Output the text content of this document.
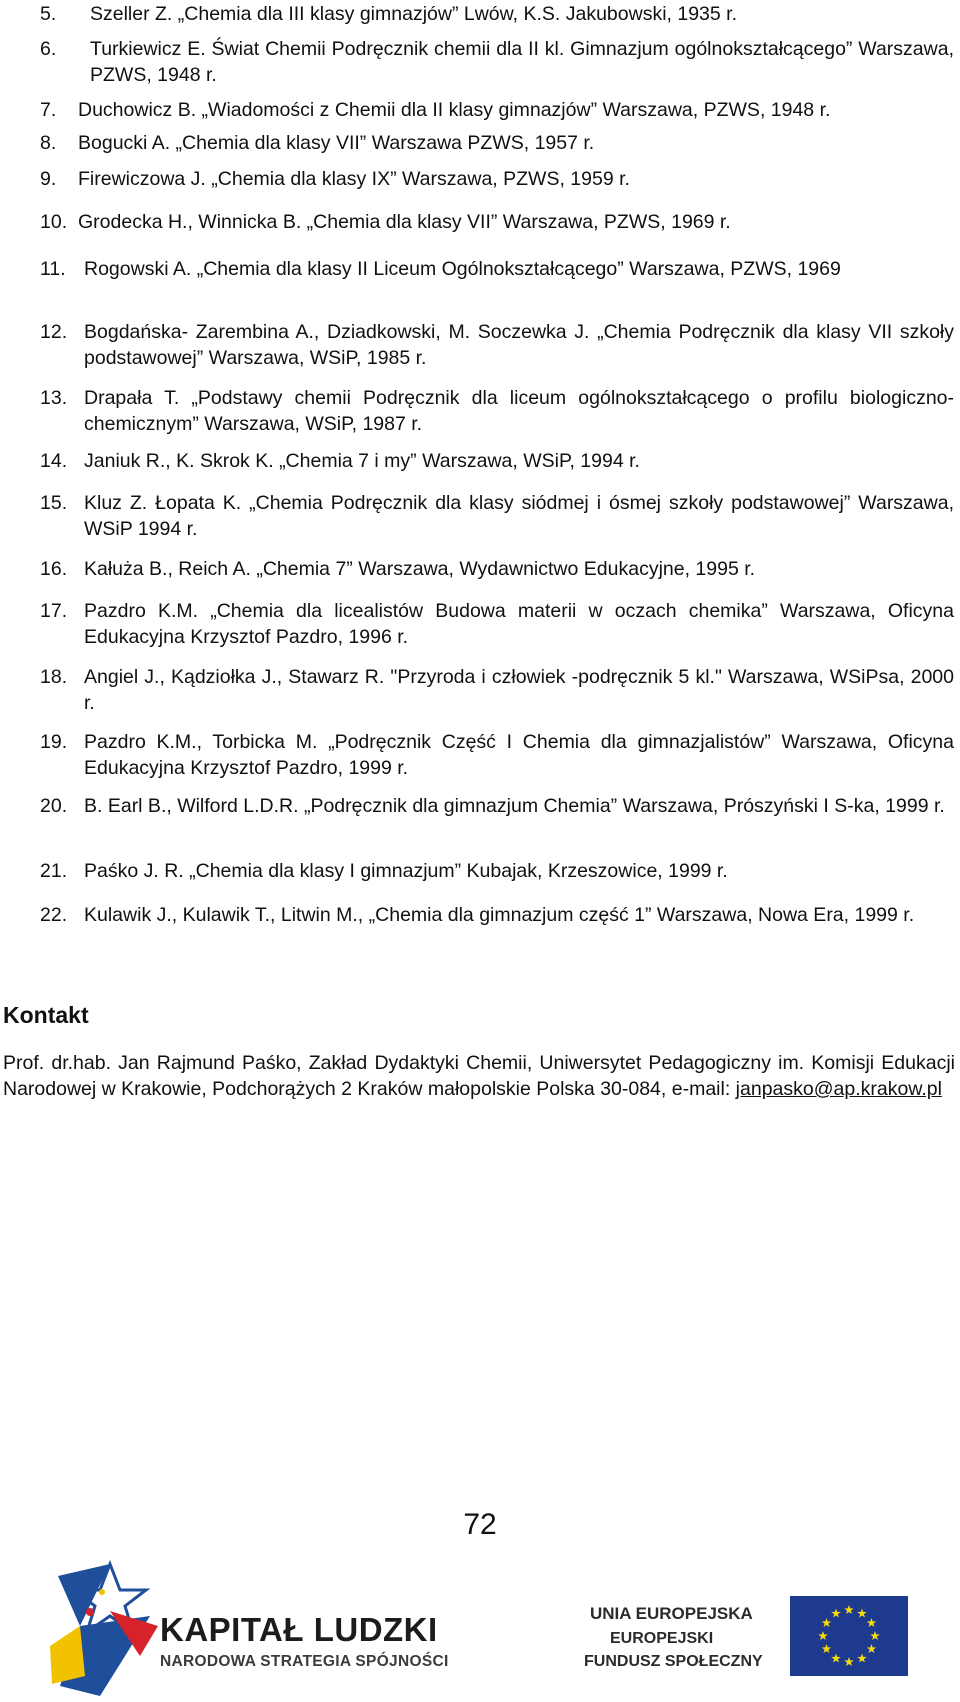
5. Szeller Z. „Chemia dla III klasy gimnazjów” Lwów, K.S. Jakubowski, 1935 r.
6. Turkiewicz E. Świat Chemii Podręcznik chemii dla II kl. Gimnazjum ogólnokształcącego” Warszawa, PZWS, 1948 r.
7. Duchowicz B. „Wiadomości z Chemii dla II klasy gimnazjów” Warszawa, PZWS, 1948 r.
8. Bogucki A. „Chemia dla klasy VII” Warszawa PZWS, 1957 r.
9. Firewiczowa J. „Chemia dla klasy IX” Warszawa, PZWS, 1959 r.
10. Grodecka H., Winnicka B. „Chemia dla klasy VII” Warszawa, PZWS, 1969 r.
11. Rogowski A. „Chemia dla klasy II Liceum Ogólnokształcącego” Warszawa, PZWS, 1969
12. Bogdańska- Zarembina A., Dziadkowski, M. Soczewka J. „Chemia Podręcznik dla klasy VII szkoły podstawowej” Warszawa, WSiP, 1985 r.
13. Drapała T. „Podstawy chemii Podręcznik dla liceum ogólnokształcącego o profilu biologiczno-chemicznym” Warszawa, WSiP, 1987 r.
14. Janiuk R., K. Skrok K. „Chemia 7 i my” Warszawa, WSiP, 1994 r.
15. Kluz Z. Łopata K. „Chemia Podręcznik dla klasy siódmej i ósmej szkoły podstawowej” Warszawa, WSiP 1994 r.
16. Kałuża B., Reich A. „Chemia 7” Warszawa, Wydawnictwo Edukacyjne, 1995 r.
17. Pazdro K.M. „Chemia dla licealistów Budowa materii w oczach chemika” Warszawa, Oficyna Edukacyjna Krzysztof Pazdro, 1996 r.
18. Angiel J., Kądziołka J., Stawarz R. "Przyroda i człowiek -podręcznik 5 kl." Warszawa, WSiPsa, 2000 r.
19. Pazdro K.M., Torbicka M. „Podręcznik Część I Chemia dla gimnazjalistów” Warszawa, Oficyna Edukacyjna Krzysztof Pazdro, 1999 r.
20. B. Earl B., Wilford L.D.R. „Podręcznik dla gimnazjum Chemia” Warszawa, Prószyński I S-ka, 1999 r.
21. Paśko J. R. „Chemia dla klasy I gimnazjum” Kubajak, Krzeszowice, 1999 r.
22. Kulawik J., Kulawik T., Litwin M., „Chemia dla gimnazjum część 1” Warszawa, Nowa Era, 1999 r.
Kontakt
Prof. dr.hab. Jan Rajmund Paśko, Zakład Dydaktyki Chemii, Uniwersytet Pedagogiczny im. Komisji Edukacji Narodowej w Krakowie, Podchorążych 2 Kraków małopolskie Polska 30-084, e-mail: janpasko@ap.krakow.pl
72
KAPITAŁ LUDZKI
NARODOWA STRATEGIA SPÓJNOŚCI
UNIA EUROPEJSKA
EUROPEJSKI
FUNDUSZ SPOŁECZNY
